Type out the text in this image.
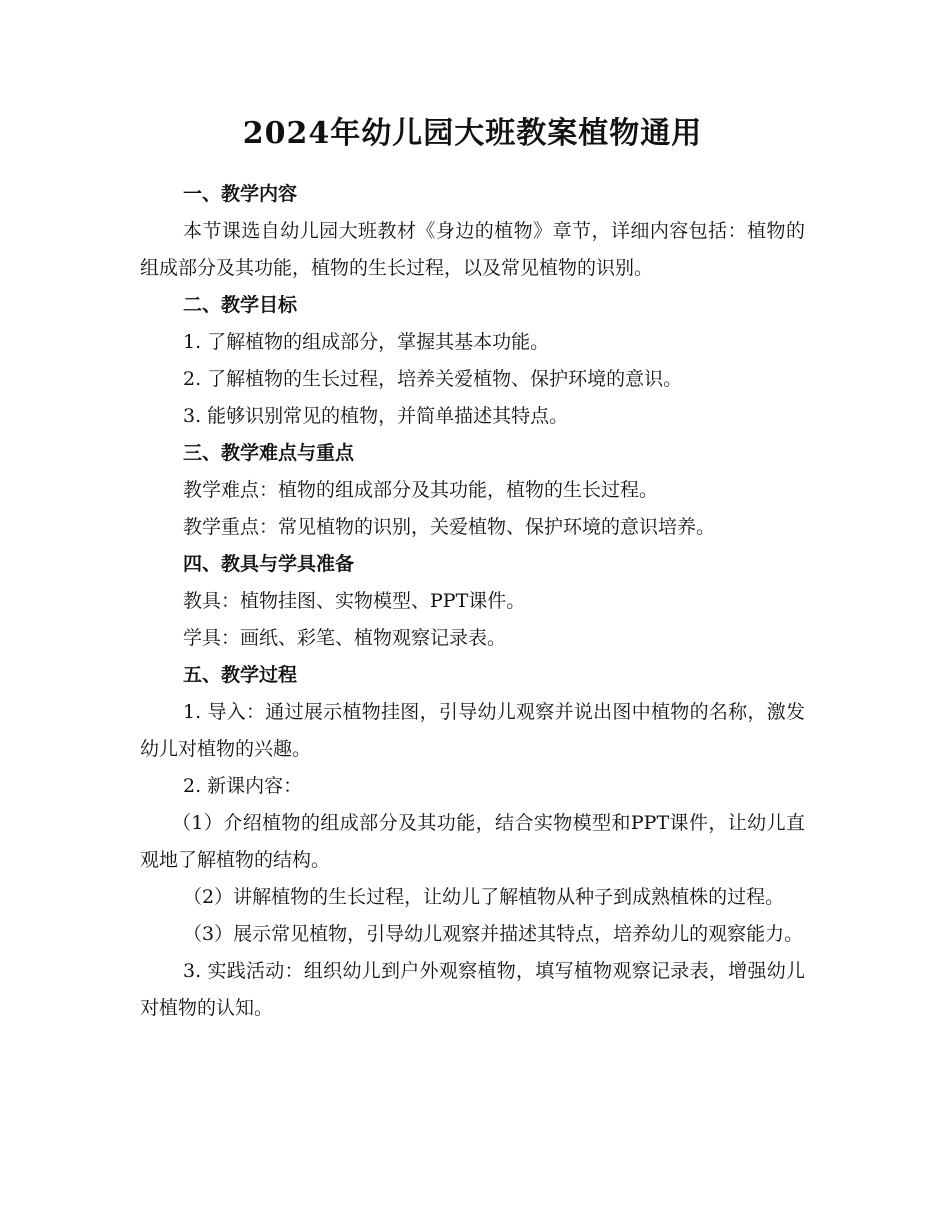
2024年幼儿园大班教案植物通用
一、教学内容

本节课选自幼儿园大班教材《身边的植物》章节，详细内容包括：植物的组成部分及其功能，植物的生长过程，以及常见植物的识别。

二、教学目标

1. 了解植物的组成部分，掌握其基本功能。

2. 了解植物的生长过程，培养关爱植物、保护环境的意识。

3. 能够识别常见的植物，并简单描述其特点。

三、教学难点与重点

教学难点：植物的组成部分及其功能，植物的生长过程。

教学重点：常见植物的识别，关爱植物、保护环境的意识培养。

四、教具与学具准备

教具：植物挂图、实物模型、PPT课件。

学具：画纸、彩笔、植物观察记录表。

五、教学过程

1. 导入：通过展示植物挂图，引导幼儿观察并说出图中植物的名称，激发幼儿对植物的兴趣。

2. 新课内容：

（1）介绍植物的组成部分及其功能，结合实物模型和PPT课件，让幼儿直观地了解植物的结构。

（2）讲解植物的生长过程，让幼儿了解植物从种子到成熟植株的过程。

（3）展示常见植物，引导幼儿观察并描述其特点，培养幼儿的观察能力。

3. 实践活动：组织幼儿到户外观察植物，填写植物观察记录表，增强幼儿对植物的认知。
